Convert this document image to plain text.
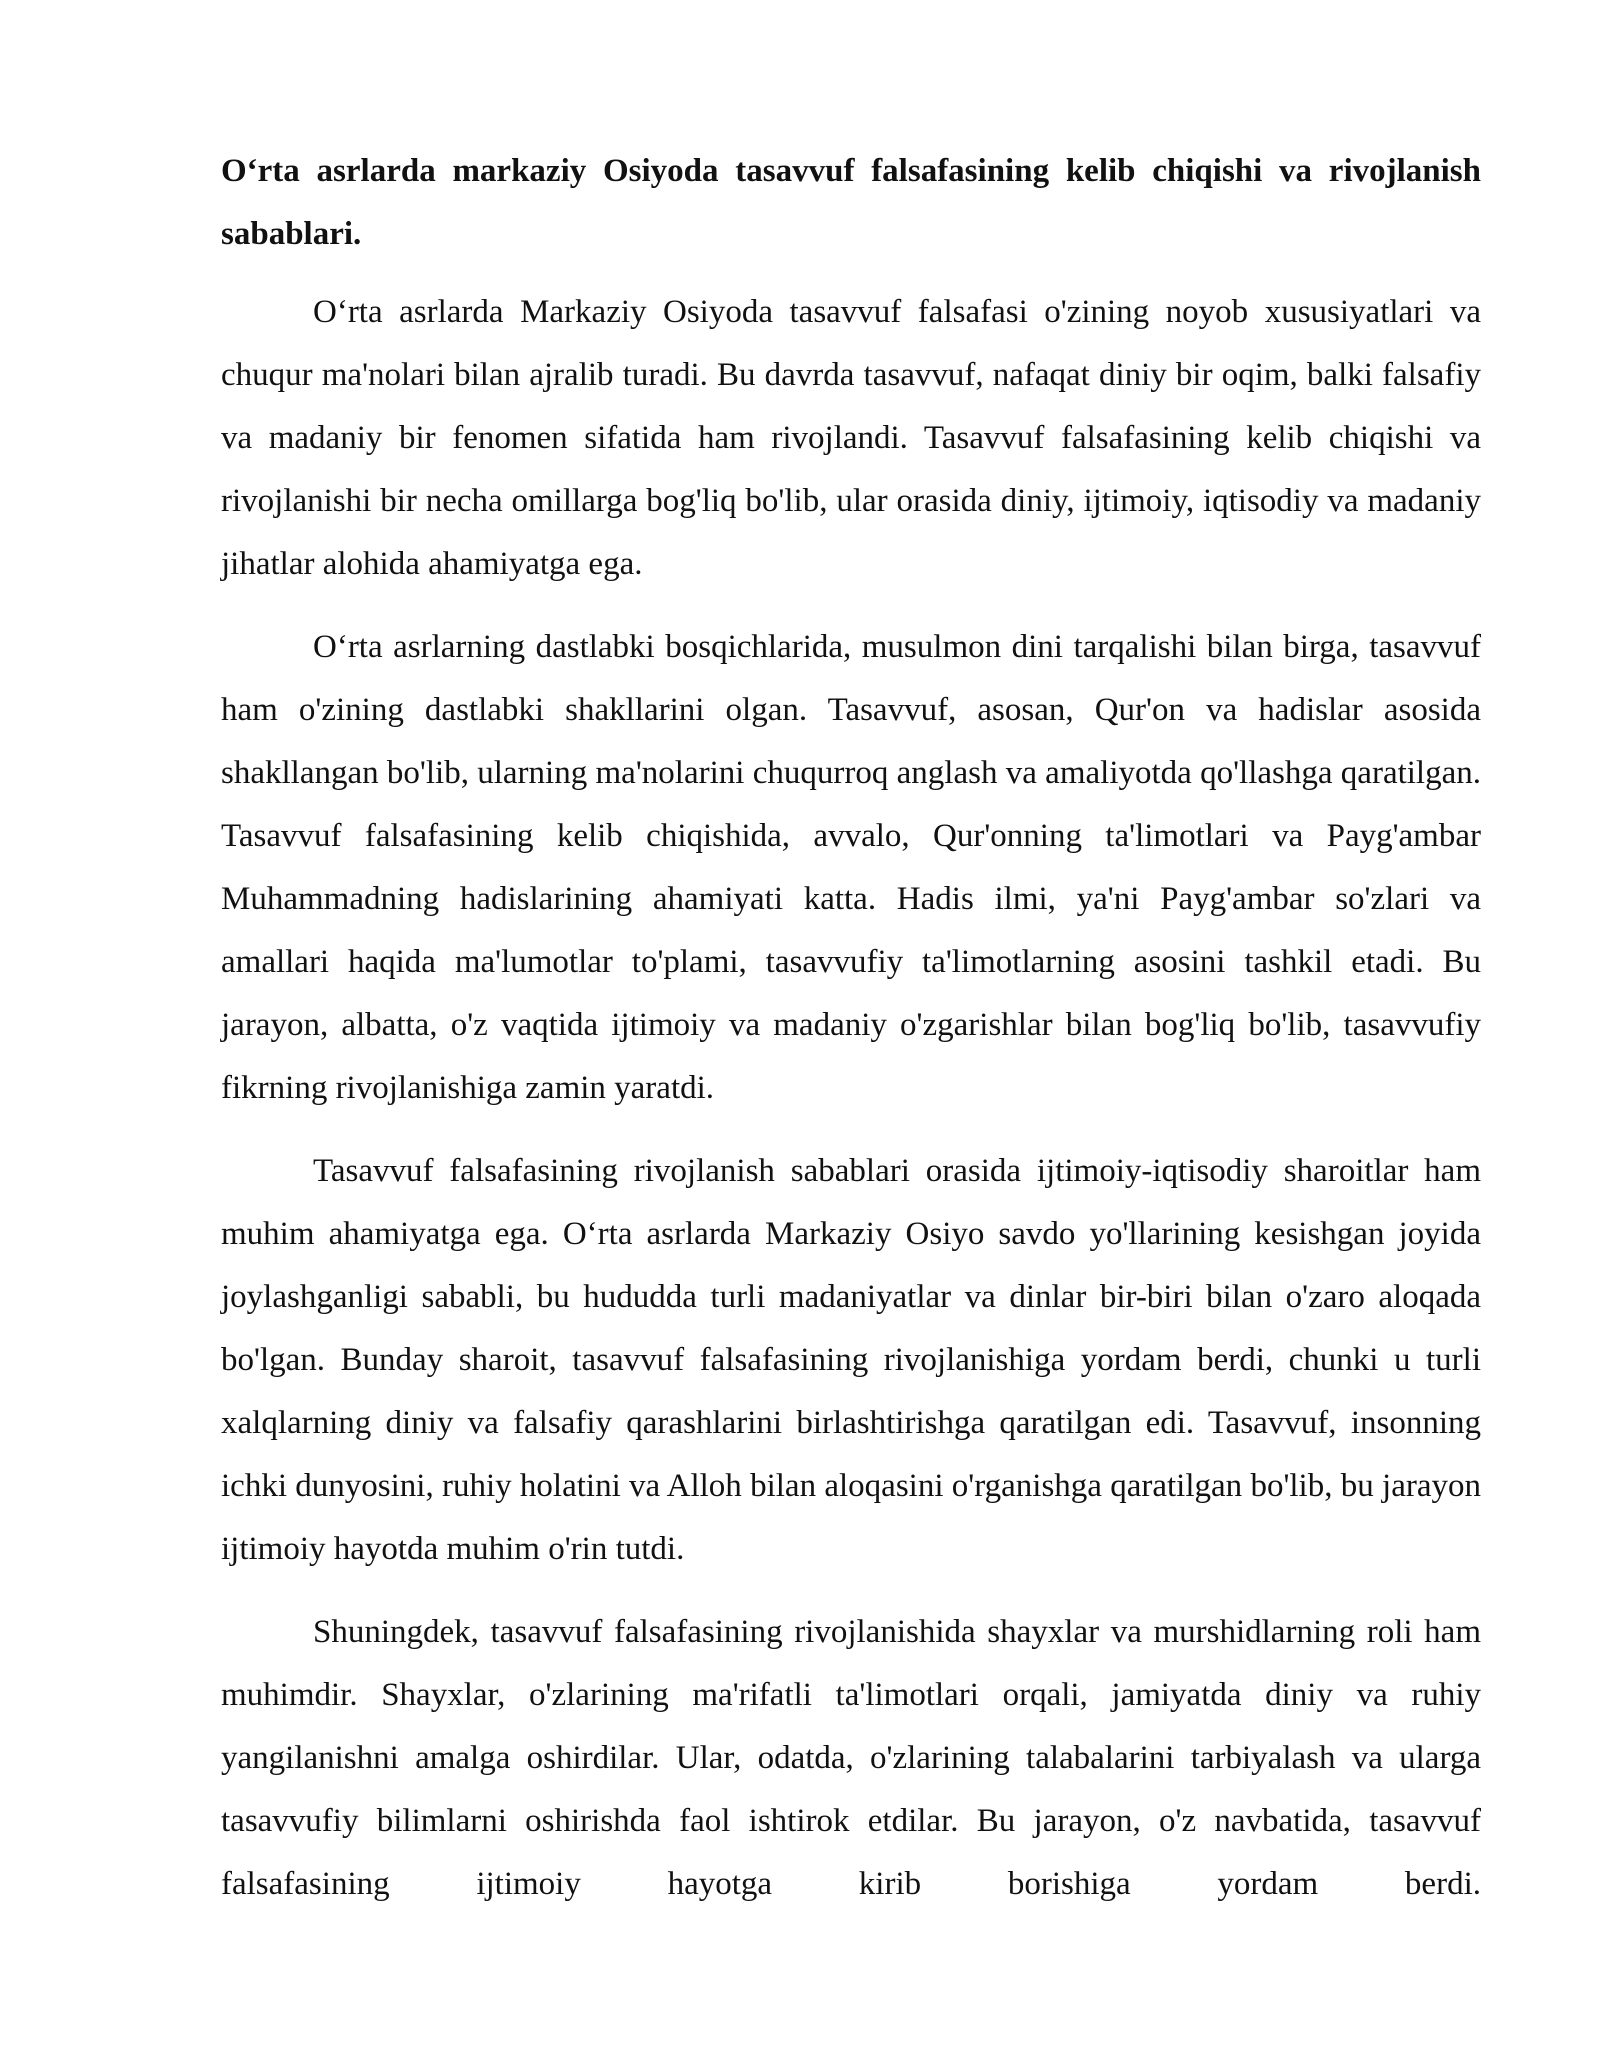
O‘rta asrlarda markaziy Osiyoda tasavvuf falsafasining kelib chiqishi va rivojlanish sabablari.

O‘rta asrlarda Markaziy Osiyoda tasavvuf falsafasi o'zining noyob xususiyatlari va chuqur ma'nolari bilan ajralib turadi. Bu davrda tasavvuf, nafaqat diniy bir oqim, balki falsafiy va madaniy bir fenomen sifatida ham rivojlandi. Tasavvuf falsafasining kelib chiqishi va rivojlanishi bir necha omillarga bog'liq bo'lib, ular orasida diniy, ijtimoiy, iqtisodiy va madaniy jihatlar alohida ahamiyatga ega.

O‘rta asrlarning dastlabki bosqichlarida, musulmon dini tarqalishi bilan birga, tasavvuf ham o'zining dastlabki shakllarini olgan. Tasavvuf, asosan, Qur'on va hadislar asosida shakllangan bo'lib, ularning ma'nolarini chuqurroq anglash va amaliyotda qo'llashga qaratilgan. Tasavvuf falsafasining kelib chiqishida, avvalo, Qur'onning ta'limotlari va Payg'ambar Muhammadning hadislarining ahamiyati katta. Hadis ilmi, ya'ni Payg'ambar so'zlari va amallari haqida ma'lumotlar to'plami, tasavvufiy ta'limotlarning asosini tashkil etadi. Bu jarayon, albatta, o'z vaqtida ijtimoiy va madaniy o'zgarishlar bilan bog'liq bo'lib, tasavvufiy fikrning rivojlanishiga zamin yaratdi.

Tasavvuf falsafasining rivojlanish sabablari orasida ijtimoiy-iqtisodiy sharoitlar ham muhim ahamiyatga ega. O‘rta asrlarda Markaziy Osiyo savdo yo'llarining kesishgan joyida joylashganligi sababli, bu hududda turli madaniyatlar va dinlar bir-biri bilan o'zaro aloqada bo'lgan. Bunday sharoit, tasavvuf falsafasining rivojlanishiga yordam berdi, chunki u turli xalqlarning diniy va falsafiy qarashlarini birlashtirishga qaratilgan edi. Tasavvuf, insonning ichki dunyosini, ruhiy holatini va Alloh bilan aloqasini o'rganishga qaratilgan bo'lib, bu jarayon ijtimoiy hayotda muhim o'rin tutdi.

Shuningdek, tasavvuf falsafasining rivojlanishida shayxlar va murshidlarning roli ham muhimdir. Shayxlar, o'zlarining ma'rifatli ta'limotlari orqali, jamiyatda diniy va ruhiy yangilanishni amalga oshirdilar. Ular, odatda, o'zlarining talabalarini tarbiyalash va ularga tasavvufiy bilimlarni oshirishda faol ishtirok etdilar. Bu jarayon, o'z navbatida, tasavvuf falsafasining ijtimoiy hayotga kirib borishiga yordam berdi.
